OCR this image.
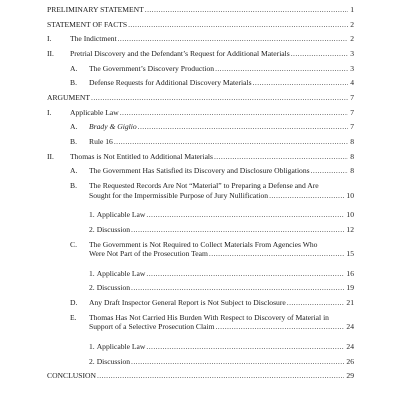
PRELIMINARY STATEMENT .....	1
STATEMENT OF FACTS .....	2
I. The Indictment .....	2
II. Pretrial Discovery and the Defendant’s Request for Additional Materials .....	3
A. The Government’s Discovery Production .....	3
B. Defense Requests for Additional Discovery Materials .....	4
ARGUMENT .....	7
I. Applicable Law .....	7
A. Brady & Giglio .....	7
B. Rule 16 .....	8
II. Thomas is Not Entitled to Additional Materials .....	8
A. The Government Has Satisfied its Discovery and Disclosure Obligations .....	8
B. The Requested Records Are Not “Material” to Preparing a Defense and Are
Sought for the Impermissible Purpose of Jury Nullification .....	10
1. Applicable Law .....	10
2. Discussion .....	12
C. The Government is Not Required to Collect Materials From Agencies Who
Were Not Part of the Prosecution Team .....	15
1. Applicable Law .....	16
2. Discussion .....	19
D. Any Draft Inspector General Report is Not Subject to Disclosure .....	21
E. Thomas Has Not Carried His Burden With Respect to Discovery of Material in
Support of a Selective Prosecution Claim .....	24
1. Applicable Law .....	24
2. Discussion .....	26
CONCLUSION .....	29
